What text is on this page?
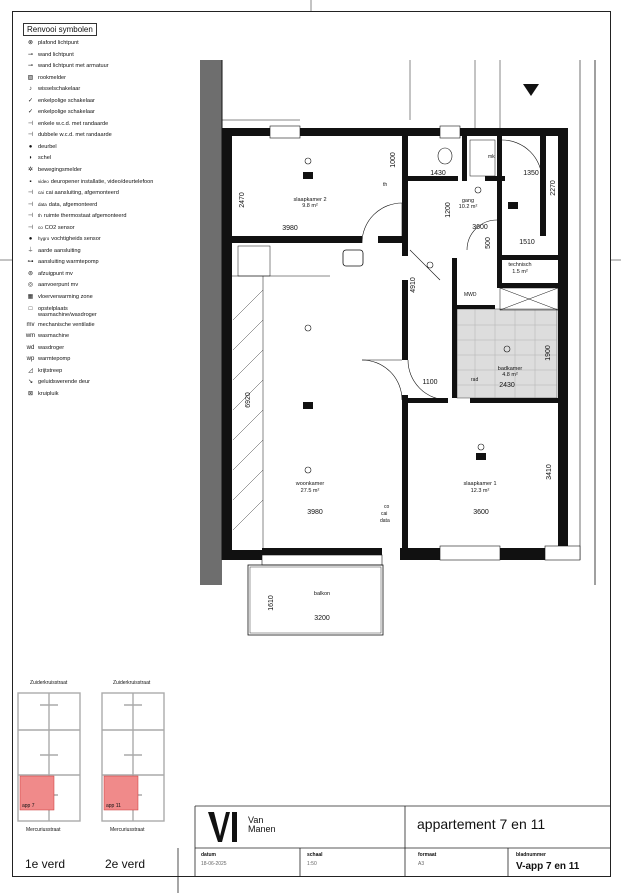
Renvooi symbolen
⊗ plafond lichtpunt
⊸ wand lichtpunt
⊸ wand lichtpunt met armatuur
▨ rookmelder
♪	wisselschakelaar
✓ enkelpolige schakelaar
✓ enkelpolige schakelaar
⊣ enkele w.c.d. met randaarde
⊣ dubbele w.c.d. met randaarde
●	deurbel
◗	schel
✲ bewegingsmelder
▪	video deuropener installatie, video/deurtelefoon
⊣	cai cai aansluiting, afgemonteerd
⊣	data data, afgemonteerd
⊣	th ruimte thermostaat afgemonteerd
⊣	co CO2 sensor
●	hygro vochtigheids sensor
⏚ aarde aansluiting
⊶ aansluiting warmtepomp
⊚ afzuigpunt mv
◎ aanvoerpunt mv
▦ vloerverwarming zone
□	opstelplaats
wasmachine/wasdroger
mv mechanische ventilatie
wm wasmachine
wd wasdroger
wp warmtepomp
◿ krijtstreep
↘ geluidswerende deur
⊠ kruipluik
2470
3980
1000
1430
1200
3600
1350
2270
500	1510
4910
1900
1100	2430
6920
3980	3600
3410
1610
3200
slaapkamer 2
9.8 m²
gang
10.2 m²
technisch
1.5 m²
badkamer
4.8 m²
woonkamer
27.5 m²
slaapkamer 1
12.3 m²
balkon
mk
th
MWD
rad
co
cai
data
Zuiderkruisstraat
Mercuriusstraat
app 7
Zuiderkruisstraat
Mercuriusstraat
app 11
Van
Manen	appartement 7 en 11
datum
18-06-2025
schaal
1:50
formaat
A3
bladnummer
V-app 7 en 11
1e verd	2e verd
